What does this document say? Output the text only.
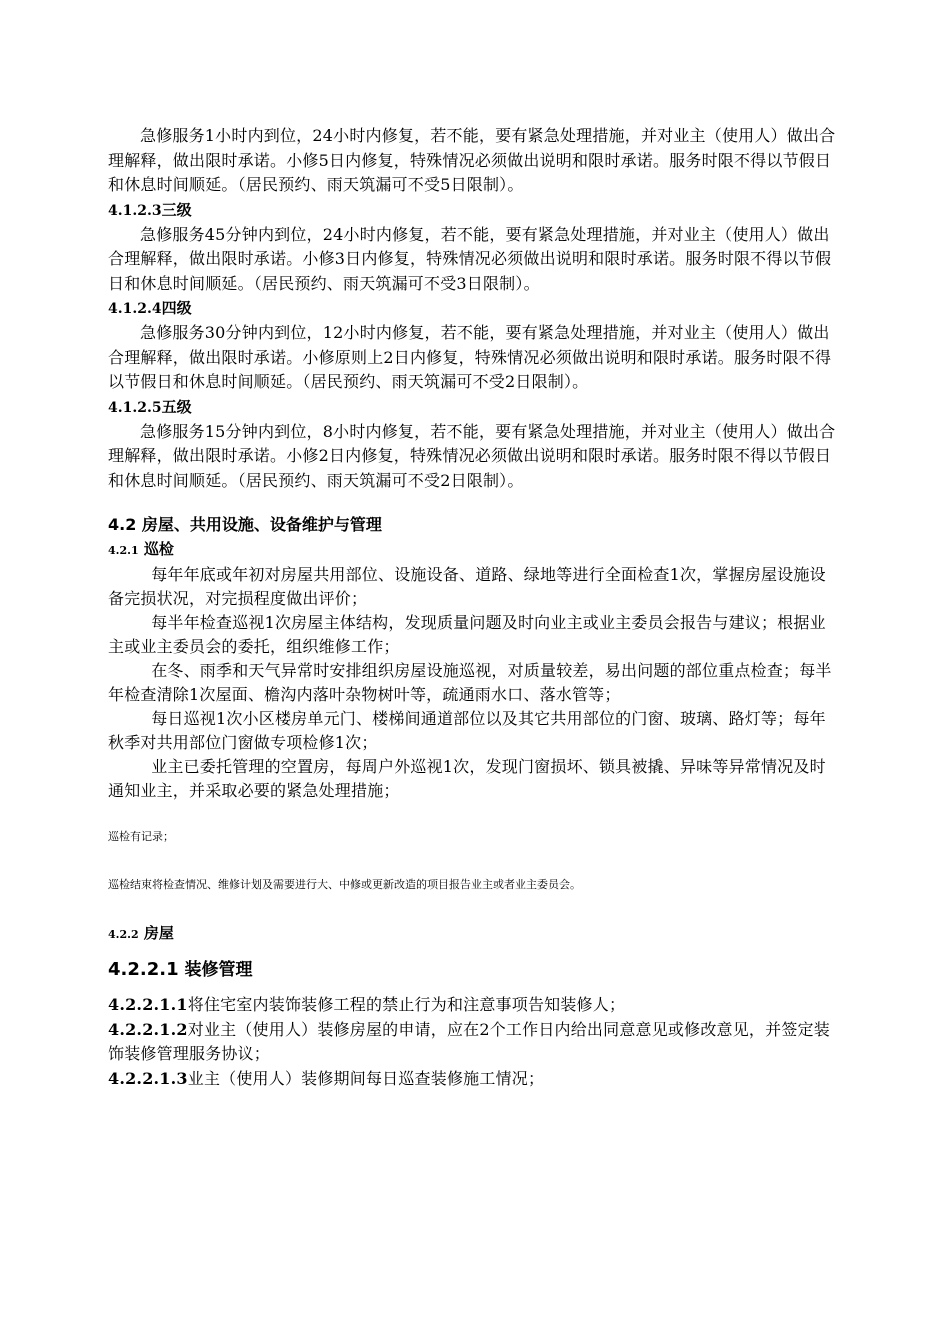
急修服务1小时内到位，24小时内修复，若不能，要有紧急处理措施，并对业主（使用人）做出合理解释，做出限时承诺。小修5日内修复，特殊情况必须做出说明和限时承诺。服务时限不得以节假日和休息时间顺延。（居民预约、雨天筑漏可不受5日限制）。

4.1.2.3三级

急修服务45分钟内到位，24小时内修复，若不能，要有紧急处理措施，并对业主（使用人）做出合理解释，做出限时承诺。小修3日内修复，特殊情况必须做出说明和限时承诺。服务时限不得以节假日和休息时间顺延。（居民预约、雨天筑漏可不受3日限制）。

4.1.2.4四级

急修服务30分钟内到位，12小时内修复，若不能，要有紧急处理措施，并对业主（使用人）做出合理解释，做出限时承诺。小修原则上2日内修复，特殊情况必须做出说明和限时承诺。服务时限不得以节假日和休息时间顺延。（居民预约、雨天筑漏可不受2日限制）。

4.1.2.5五级

急修服务15分钟内到位，8小时内修复，若不能，要有紧急处理措施，并对业主（使用人）做出合理解释，做出限时承诺。小修2日内修复，特殊情况必须做出说明和限时承诺。服务时限不得以节假日和休息时间顺延。（居民预约、雨天筑漏可不受2日限制）。

4.2 房屋、共用设施、设备维护与管理

4.2.1 巡检

每年年底或年初对房屋共用部位、设施设备、道路、绿地等进行全面检查1次，掌握房屋设施设备完损状况，对完损程度做出评价；

每半年检查巡视1次房屋主体结构，发现质量问题及时向业主或业主委员会报告与建议；根据业主或业主委员会的委托，组织维修工作；

在冬、雨季和天气异常时安排组织房屋设施巡视，对质量较差，易出问题的部位重点检查；每半年检查清除1次屋面、檐沟内落叶杂物树叶等，疏通雨水口、落水管等；

每日巡视1次小区楼房单元门、楼梯间通道部位以及其它共用部位的门窗、玻璃、路灯等；每年秋季对共用部位门窗做专项检修1次；

业主已委托管理的空置房，每周户外巡视1次，发现门窗损坏、锁具被撬、异味等异常情况及时通知业主，并采取必要的紧急处理措施；

巡检有记录；

巡检结束将检查情况、维修计划及需要进行大、中修或更新改造的项目报告业主或者业主委员会。

4.2.2 房屋

4.2.2.1 装修管理

4.2.2.1.1将住宅室内装饰装修工程的禁止行为和注意事项告知装修人；

4.2.2.1.2对业主（使用人）装修房屋的申请，应在2个工作日内给出同意意见或修改意见，并签定装饰装修管理服务协议；

4.2.2.1.3业主（使用人）装修期间每日巡查装修施工情况；
